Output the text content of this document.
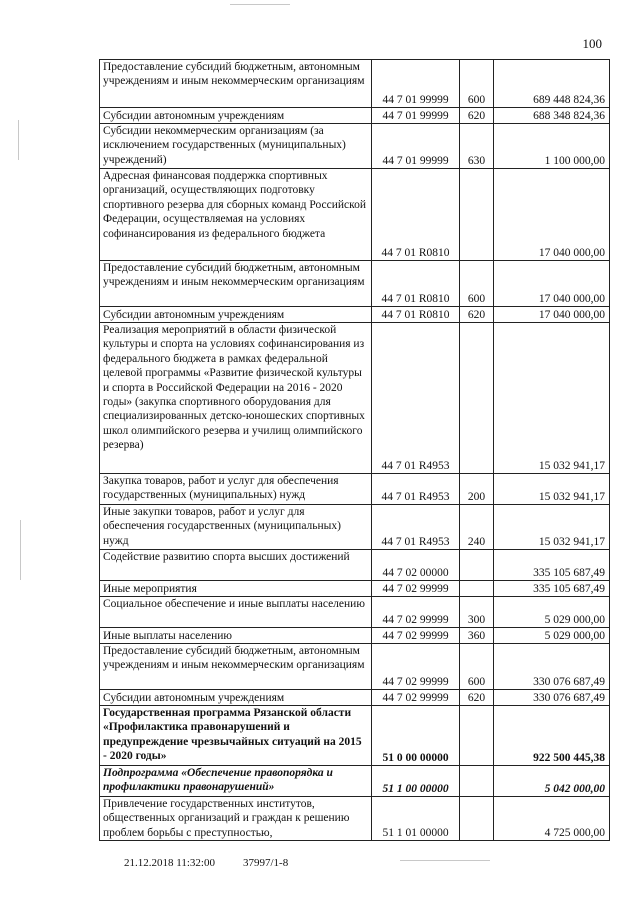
100
Предоставление субсидий бюджетным, автономным учреждениям и иным некоммерческим организациям	44 7 01 99999	600	689 448 824,36
Субсидии автономным учреждениям	44 7 01 99999	620	688 348 824,36
Субсидии некоммерческим организациям (за исключением государственных (муниципальных) учреждений)	44 7 01 99999	630	1 100 000,00
Адресная финансовая поддержка спортивных организаций, осуществляющих подготовку спортивного резерва для сборных команд Российской Федерации, осуществляемая на условиях софинансирования из федерального бюджета	44 7 01 R0810		17 040 000,00
Предоставление субсидий бюджетным, автономным учреждениям и иным некоммерческим организациям	44 7 01 R0810	600	17 040 000,00
Субсидии автономным учреждениям	44 7 01 R0810	620	17 040 000,00
Реализация мероприятий в области физической культуры и спорта на условиях софинансирования из федерального бюджета в рамках федеральной целевой программы «Развитие физической культуры и спорта в Российской Федерации на 2016 - 2020 годы» (закупка спортивного оборудования для специализированных детско-юношеских спортивных школ олимпийского резерва и училищ олимпийского резерва)	44 7 01 R4953		15 032 941,17
Закупка товаров, работ и услуг для обеспечения государственных (муниципальных) нужд	44 7 01 R4953	200	15 032 941,17
Иные закупки товаров, работ и услуг для обеспечения государственных (муниципальных) нужд	44 7 01 R4953	240	15 032 941,17
Содействие развитию спорта высших достижений	44 7 02 00000		335 105 687,49
Иные мероприятия	44 7 02 99999		335 105 687,49
Социальное обеспечение и иные выплаты населению	44 7 02 99999	300	5 029 000,00
Иные выплаты населению	44 7 02 99999	360	5 029 000,00
Предоставление субсидий бюджетным, автономным учреждениям и иным некоммерческим организациям	44 7 02 99999	600	330 076 687,49
Субсидии автономным учреждениям	44 7 02 99999	620	330 076 687,49
Государственная программа Рязанской области «Профилактика правонарушений и предупреждение чрезвычайных ситуаций на 2015 - 2020 годы»	51 0 00 00000		922 500 445,38
Подпрограмма «Обеспечение правопорядка и профилактики правонарушений»	51 1 00 00000		5 042 000,00
Привлечение государственных институтов, общественных организаций и граждан к решению проблем борьбы с преступностью,	51 1 01 00000		4 725 000,00
21.12.2018 11:32:00	37997/1-8
